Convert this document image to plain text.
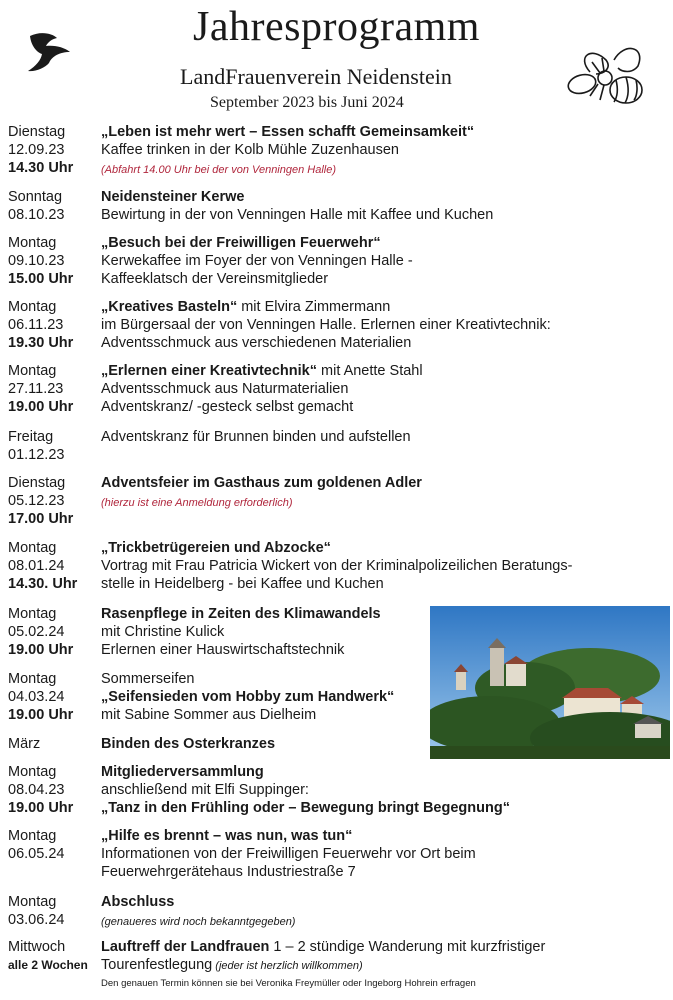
Jahresprogramm
LandFrauenverein Neidenstein
September 2023 bis Juni 2024
Dienstag
12.09.23
14.30 Uhr
„Leben ist mehr wert – Essen schafft Gemeinsamkeit“
Kaffee trinken in der Kolb Mühle Zuzenhausen
(Abfahrt 14.00 Uhr bei der von Venningen Halle)
Sonntag
08.10.23
Neidensteiner Kerwe
Bewirtung in der von Venningen Halle mit Kaffee und Kuchen
Montag
09.10.23
15.00 Uhr
„Besuch bei der Freiwilligen Feuerwehr“
Kerwekaffee im Foyer der von Venningen Halle -
Kaffeeklatsch der Vereinsmitglieder
Montag
06.11.23
19.30 Uhr
„Kreatives Basteln“ mit Elvira Zimmermann
im Bürgersaal der von Venningen Halle. Erlernen einer Kreativtechnik:
Adventsschmuck aus verschiedenen Materialien
Montag
27.11.23
19.00 Uhr
„Erlernen einer Kreativtechnik“ mit Anette Stahl
Adventsschmuck aus Naturmaterialien
Adventskranz/ -gesteck selbst gemacht
Freitag
01.12.23
Adventskranz für Brunnen binden und aufstellen
Dienstag
05.12.23
17.00 Uhr
Adventsfeier im Gasthaus zum goldenen Adler
(hierzu ist eine Anmeldung erforderlich)
Montag
08.01.24
14.30. Uhr
„Trickbetrügereien und Abzocke“
Vortrag mit Frau Patricia Wickert von der Kriminalpolizeilichen Beratungs-
stelle in Heidelberg - bei Kaffee und Kuchen
Montag
05.02.24
19.00 Uhr
Rasenpflege in Zeiten des Klimawandels
mit Christine Kulick
Erlernen einer Hauswirtschaftstechnik
Montag
04.03.24
19.00 Uhr
Sommerseifen
„Seifensieden vom Hobby zum Handwerk“
mit Sabine Sommer aus Dielheim
März	Binden des Osterkranzes
Montag
08.04.23
19.00 Uhr
Mitgliederversammlung
anschließend mit Elfi Suppinger:
„Tanz in den Frühling oder – Bewegung bringt Begegnung“
Montag
06.05.24
„Hilfe es brennt – was nun, was tun“
Informationen von der Freiwilligen Feuerwehr vor Ort beim
Feuerwehrgerätehaus Industriestraße 7
Montag
03.06.24
Abschluss
(genaueres wird noch bekanntgegeben)
Mittwoch
alle 2 Wochen
Lauftreff der Landfrauen 1 – 2 stündige Wanderung mit kurzfristiger
Tourenfestlegung (jeder ist herzlich willkommen)
Den genauen Termin können sie bei Veronika Freymüller oder Ingeborg Hohrein erfragen
